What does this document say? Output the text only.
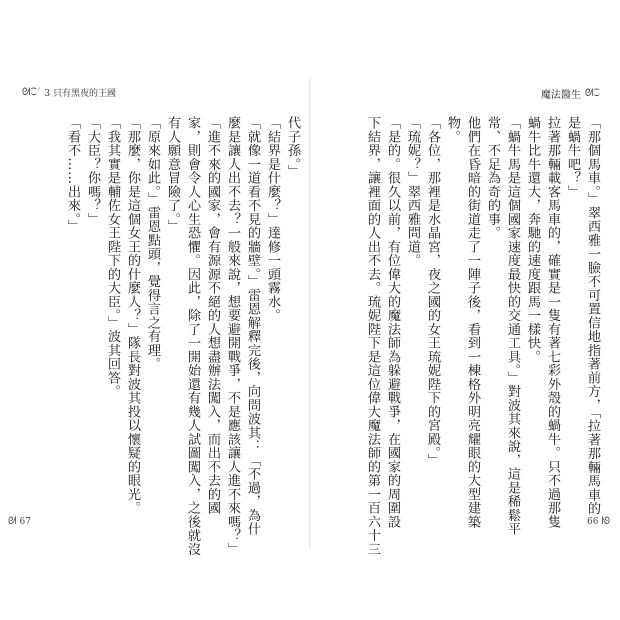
ᘛ⁐ᐟ 3 只有黑夜的王國	魔法醫生 ᘛ⁐
代子孫。」
「結界是什麼？」達修一頭霧水。
「就像一道看不見的牆壁。」雷恩解釋完後，向問波其：「不過，為什
麼是讓人出不去？一般來說，想要避開戰爭，不是應該讓人進不來嗎？」
「進不來的國家，會有源源不絕的人想盡辦法闖入，而出不去的國
家，則會令人心生恐懼。因此，除了一開始還有幾人試圖闖入，之後就沒
有人願意冒險了。」
「原來如此。」雷恩點頭，覺得言之有理。
「那麼，你是這個女王的什麼人？」隊長對波其投以懷疑的眼光。
「我其實是輔佐女王陛下的大臣。」波其回答。
「大臣？你嗎？」
「看不……出來。」	「那個馬車。」翠西雅一臉不可置信地指著前方，「拉著那輛馬車的
是蝸牛吧？」
拉著那輛載客馬車的，確實是一隻有著七彩外殼的蝸牛。只不過那隻
蝸牛比牛還大，奔馳的速度跟馬一樣快。
「蝸牛馬是這個國家速度最快的交通工具。」對波其來說，這是稀鬆平
常、不足為奇的事。
他們在昏暗的街道走了一陣子後，看到一棟格外明亮耀眼的大型建築
物。
「各位，那裡是水晶宮，夜之國的女王琉妮陛下的宮殿。」
「琉妮？」翠西雅問道。
「是的。很久以前，有位偉大的魔法師為躲避戰爭，在國家的周圍設
下結界，讓裡面的人出不去。琉妮陛下是這位偉大魔法師的第一百六十三
ᘛ 67	66 ᘚ
